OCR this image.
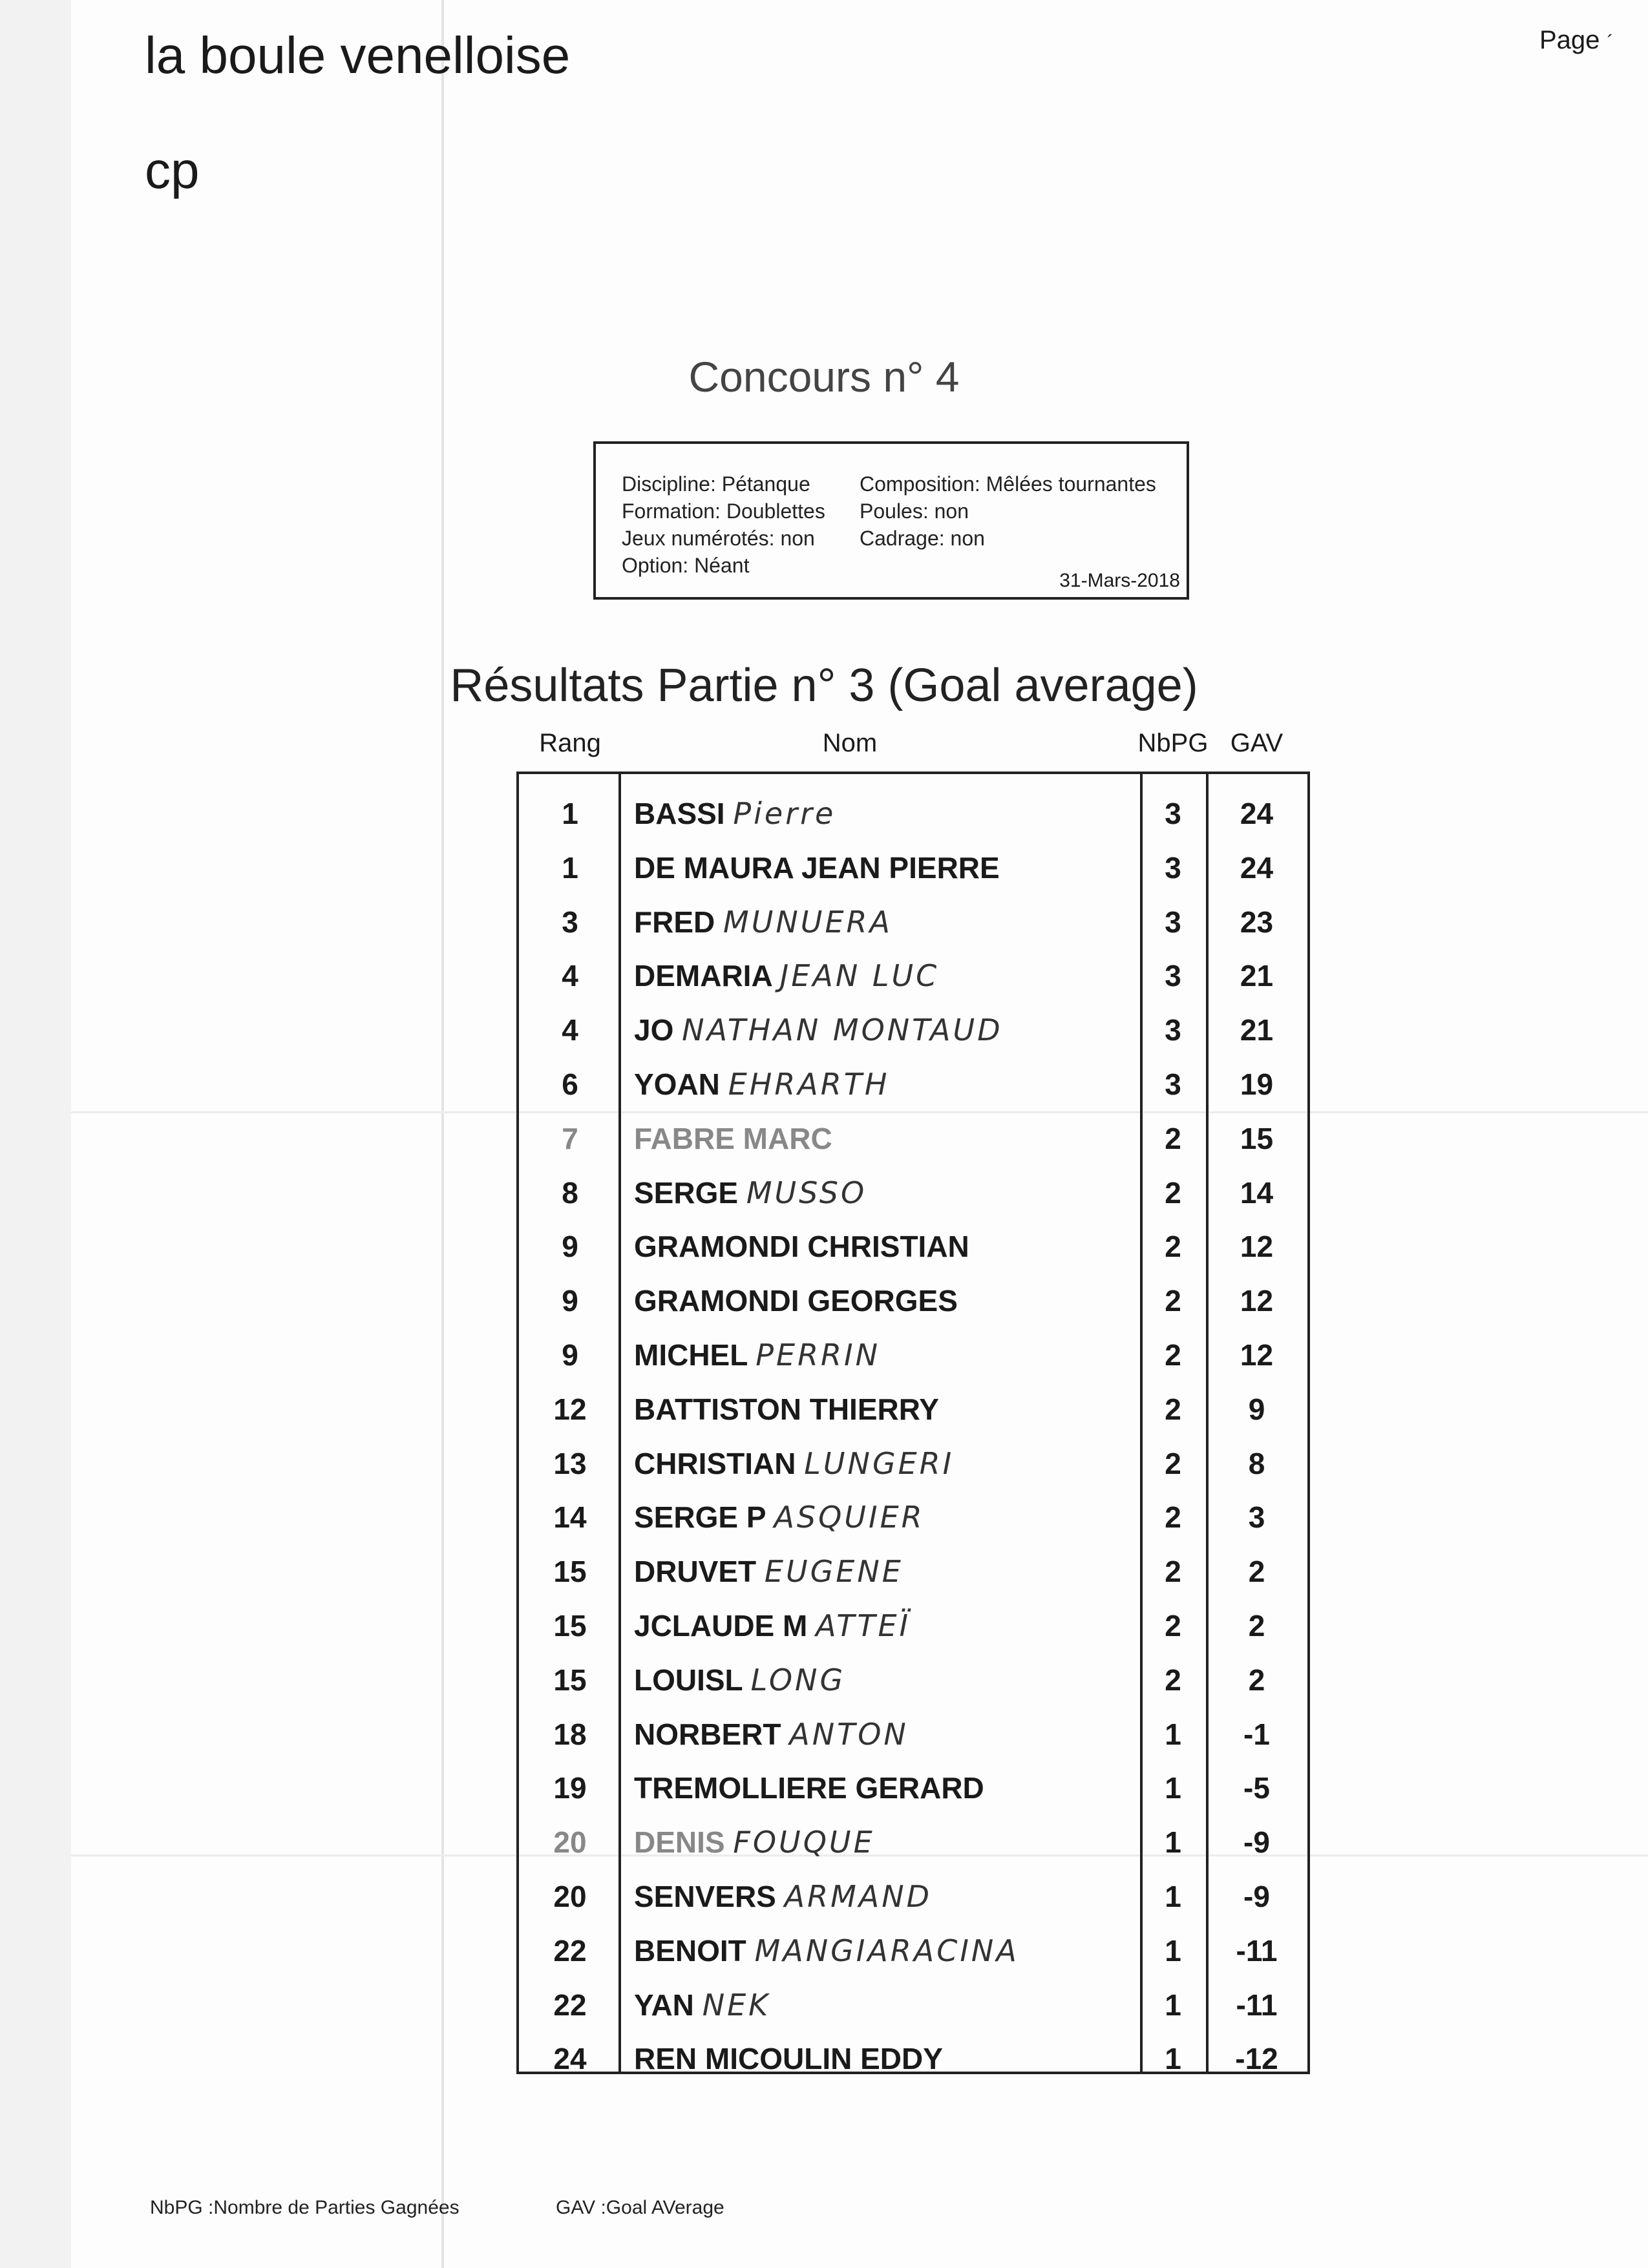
la boule venelloise
cp
Page ´
Concours n° 4
Discipline: Pétanque
Formation: Doublettes
Jeux numérotés: non
Option: Néant
Composition: Mêlées tournantes
Poules: non
Cadrage: non
31-Mars-2018
Résultats Partie n° 3 (Goal average)
Rang	Nom	NbPG GAV
1	BASSI Pierre	3	24
1	DE MAURA JEAN PIERRE	3	24
3	FRED MUNUERA	3	23
4	DEMARIA JEAN LUC	3	21
4	JO NATHAN MONTAUD	3	21
6	YOAN EHRARTH	3	19
7	FABRE MARC	2	15
8	SERGE MUSSO	2	14
9	GRAMONDI CHRISTIAN	2	12
9	GRAMONDI GEORGES	2	12
9	MICHEL PERRIN	2	12
12	BATTISTON THIERRY	2	9
13	CHRISTIAN LUNGERI	2	8
14	SERGE P ASQUIER	2	3
15	DRUVET EUGENE	2	2
15	JCLAUDE M ATTEÏ	2	2
15	LOUISL LONG	2	2
18	NORBERT ANTON	1	-1
19	TREMOLLIERE GERARD	1	-5
20	DENIS FOUQUE	1	-9
20	SENVERS ARMAND	1	-9
22	BENOIT MANGIARACINA	1	-11
22	YAN NEK	1	-11
24	REN MICOULIN EDDY	1	-12
NbPG :Nombre de Parties Gagnées	GAV :Goal AVerage
